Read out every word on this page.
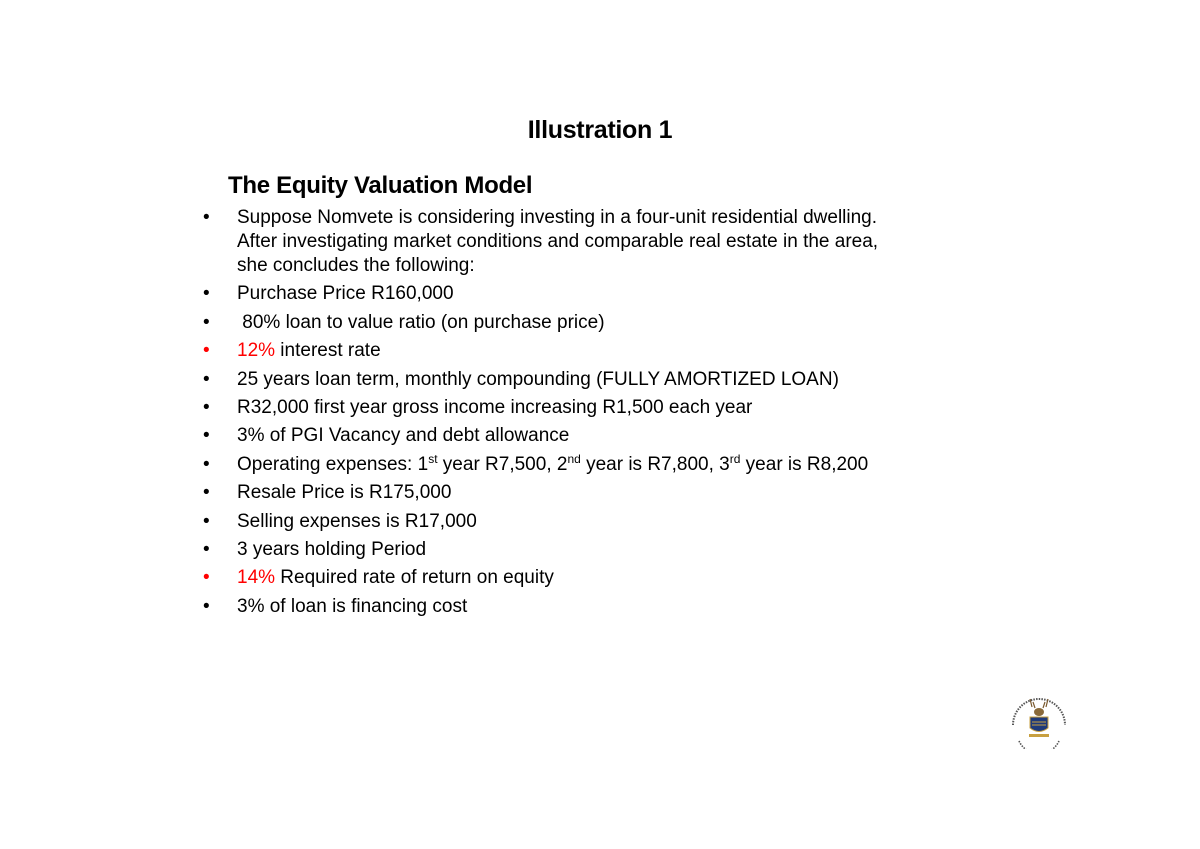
Illustration 1
The Equity Valuation Model
•	Suppose Nomvete is considering investing in a four-unit residential dwelling.
After investigating market conditions and comparable real estate in the area,
she concludes the following:
•	Purchase Price R160,000
•	80% loan to value ratio (on purchase price)
•	12% interest rate
•	25 years loan term, monthly compounding (FULLY AMORTIZED LOAN)
•	R32,000 first year gross income increasing R1,500 each year
•	3% of PGI Vacancy and debt allowance
•	Operating expenses: 1st year R7,500, 2nd year is R7,800, 3rd year is R8,200
•	Resale Price is R175,000
•	Selling expenses is R17,000
•	3 years holding Period
•	14% Required rate of return on equity
•	3% of loan is financing cost
